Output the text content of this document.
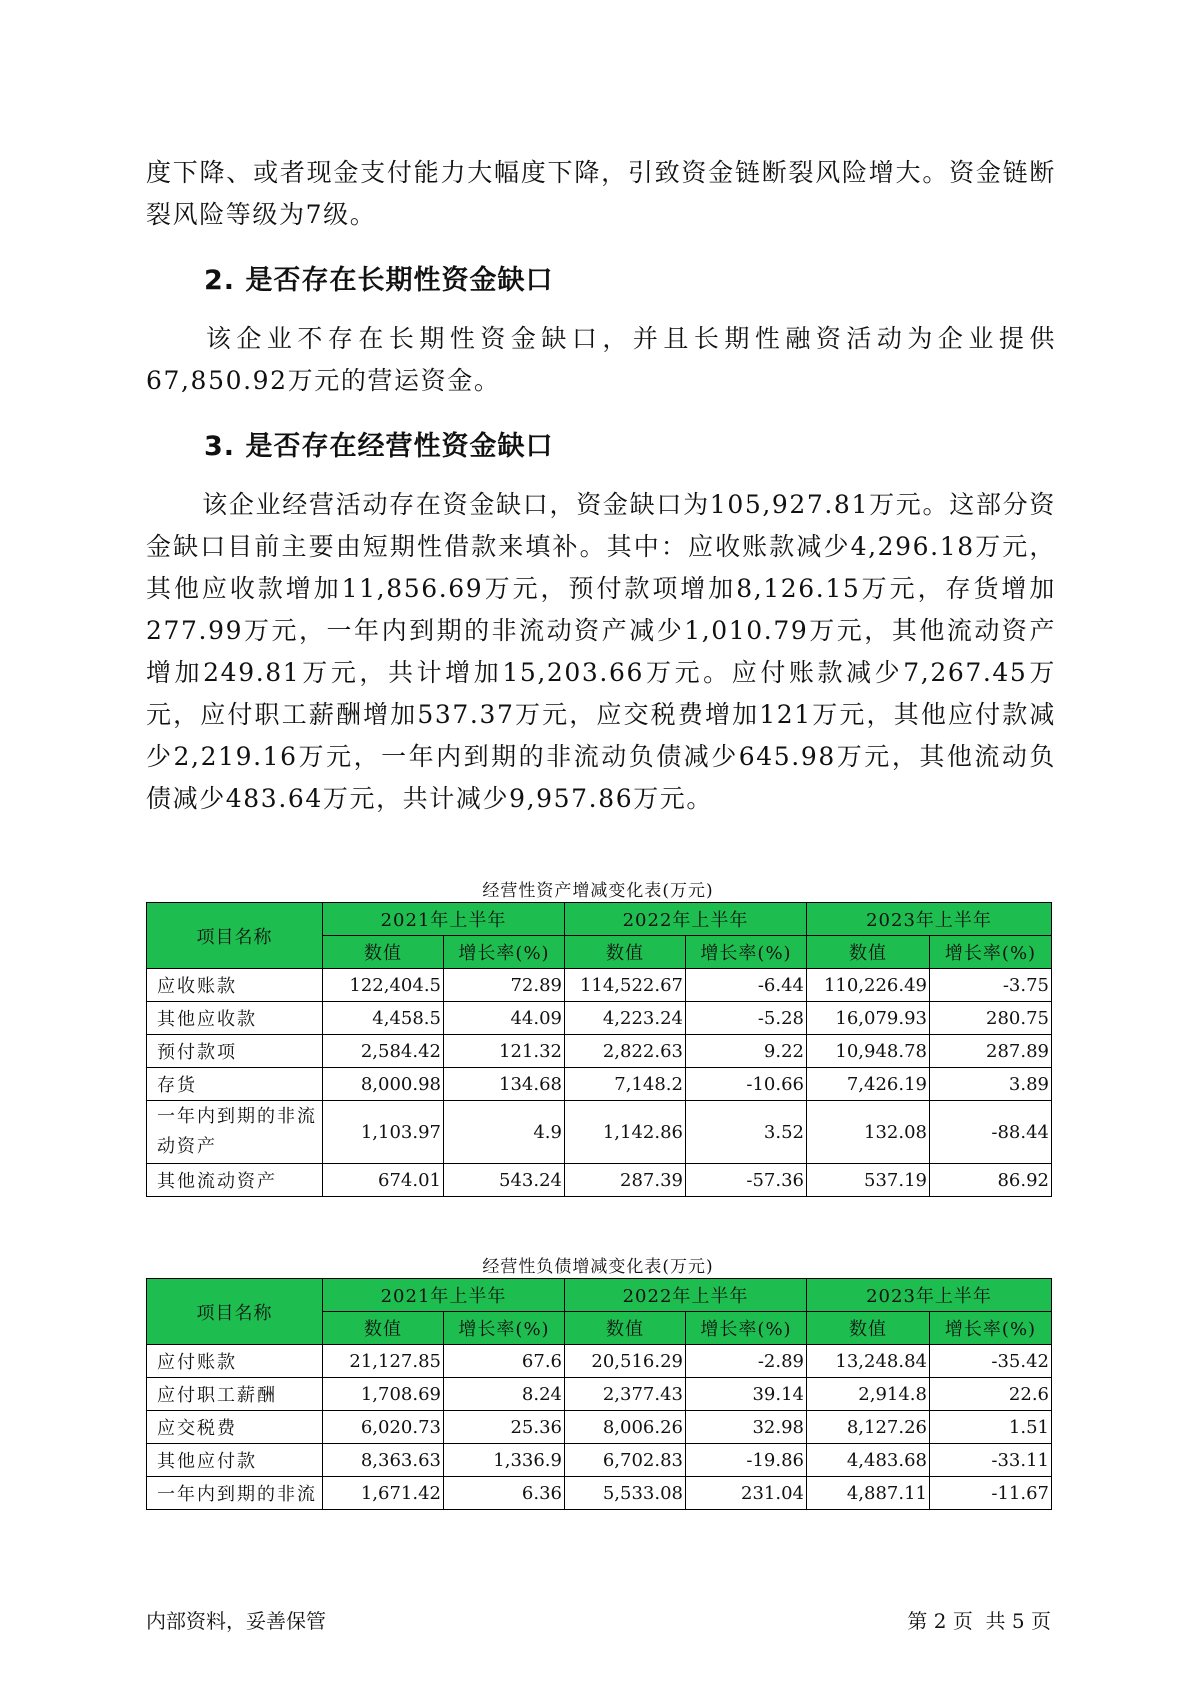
度下降、或者现金支付能力大幅度下降，引致资金链断裂风险增大。资金链断裂风险等级为7级。

2. 是否存在长期性资金缺口

该企业不存在长期性资金缺口，并且长期性融资活动为企业提供67,850.92万元的营运资金。

3. 是否存在经营性资金缺口

该企业经营活动存在资金缺口，资金缺口为105,927.81万元。这部分资金缺口目前主要由短期性借款来填补。其中：应收账款减少4,296.18万元，其他应收款增加11,856.69万元，预付款项增加8,126.15万元，存货增加277.99万元，一年内到期的非流动资产减少1,010.79万元，其他流动资产增加249.81万元，共计增加15,203.66万元。应付账款减少7,267.45万元，应付职工薪酬增加537.37万元，应交税费增加121万元，其他应付款减少2,219.16万元，一年内到期的非流动负债减少645.98万元，其他流动负债减少483.64万元，共计减少9,957.86万元。

经营性资产增减变化表(万元)
项目名称	2021年上半年		2022年上半年		2023年上半年	
	数值	增长率(%)	数值	增长率(%)	数值	增长率(%)
应收账款	122,404.5	72.89	114,522.67	-6.44	110,226.49	-3.75
其他应收款	4,458.5	44.09	4,223.24	-5.28	16,079.93	280.75
预付款项	2,584.42	121.32	2,822.63	9.22	10,948.78	287.89
存货	8,000.98	134.68	7,148.2	-10.66	7,426.19	3.89
一年内到期的非流动资产	1,103.97	4.9	1,142.86	3.52	132.08	-88.44
其他流动资产	674.01	543.24	287.39	-57.36	537.19	86.92
经营性负债增减变化表(万元)
项目名称	2021年上半年		2022年上半年		2023年上半年	
	数值	增长率(%)	数值	增长率(%)	数值	增长率(%)
应付账款	21,127.85	67.6	20,516.29	-2.89	13,248.84	-35.42
应付职工薪酬	1,708.69	8.24	2,377.43	39.14	2,914.8	22.6
应交税费	6,020.73	25.36	8,006.26	32.98	8,127.26	1.51
其他应付款	8,363.63	1,336.9	6,702.83	-19.86	4,483.68	-33.11
一年内到期的非流	1,671.42	6.36	5,533.08	231.04	4,887.11	-11.67
内部资料，妥善保管	第 2 页  共 5 页
